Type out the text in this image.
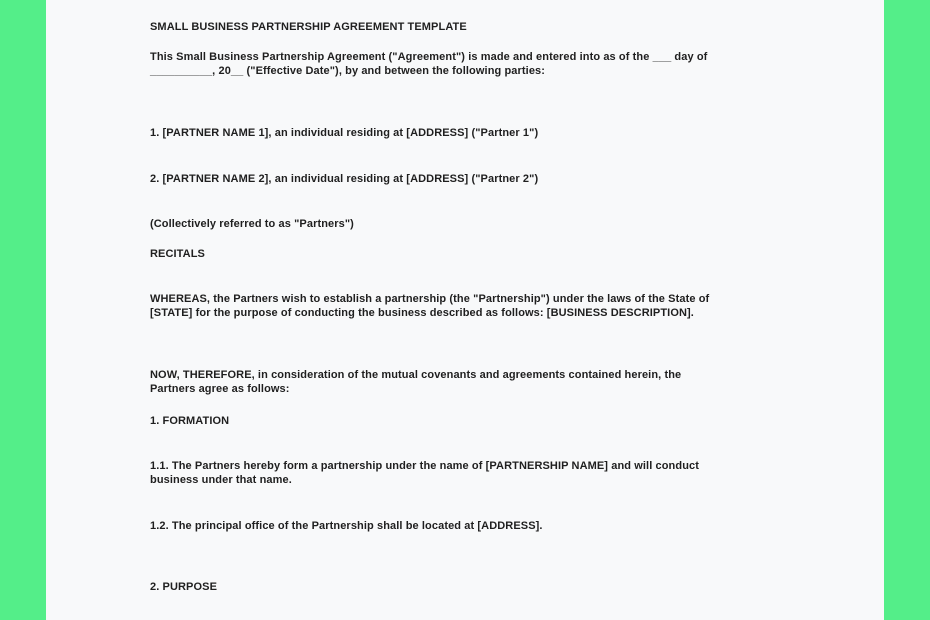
SMALL BUSINESS PARTNERSHIP AGREEMENT TEMPLATE

This Small Business Partnership Agreement ("Agreement") is made and entered into as of the ___ day of
__________, 20__ ("Effective Date"), by and between the following parties:

1. [PARTNER NAME 1], an individual residing at [ADDRESS] ("Partner 1")

2. [PARTNER NAME 2], an individual residing at [ADDRESS] ("Partner 2")

(Collectively referred to as "Partners")

RECITALS

WHEREAS, the Partners wish to establish a partnership (the "Partnership") under the laws of the State of
[STATE] for the purpose of conducting the business described as follows: [BUSINESS DESCRIPTION].

NOW, THEREFORE, in consideration of the mutual covenants and agreements contained herein, the
Partners agree as follows:

1. FORMATION

1.1. The Partners hereby form a partnership under the name of [PARTNERSHIP NAME] and will conduct
business under that name.

1.2. The principal office of the Partnership shall be located at [ADDRESS].

2. PURPOSE
